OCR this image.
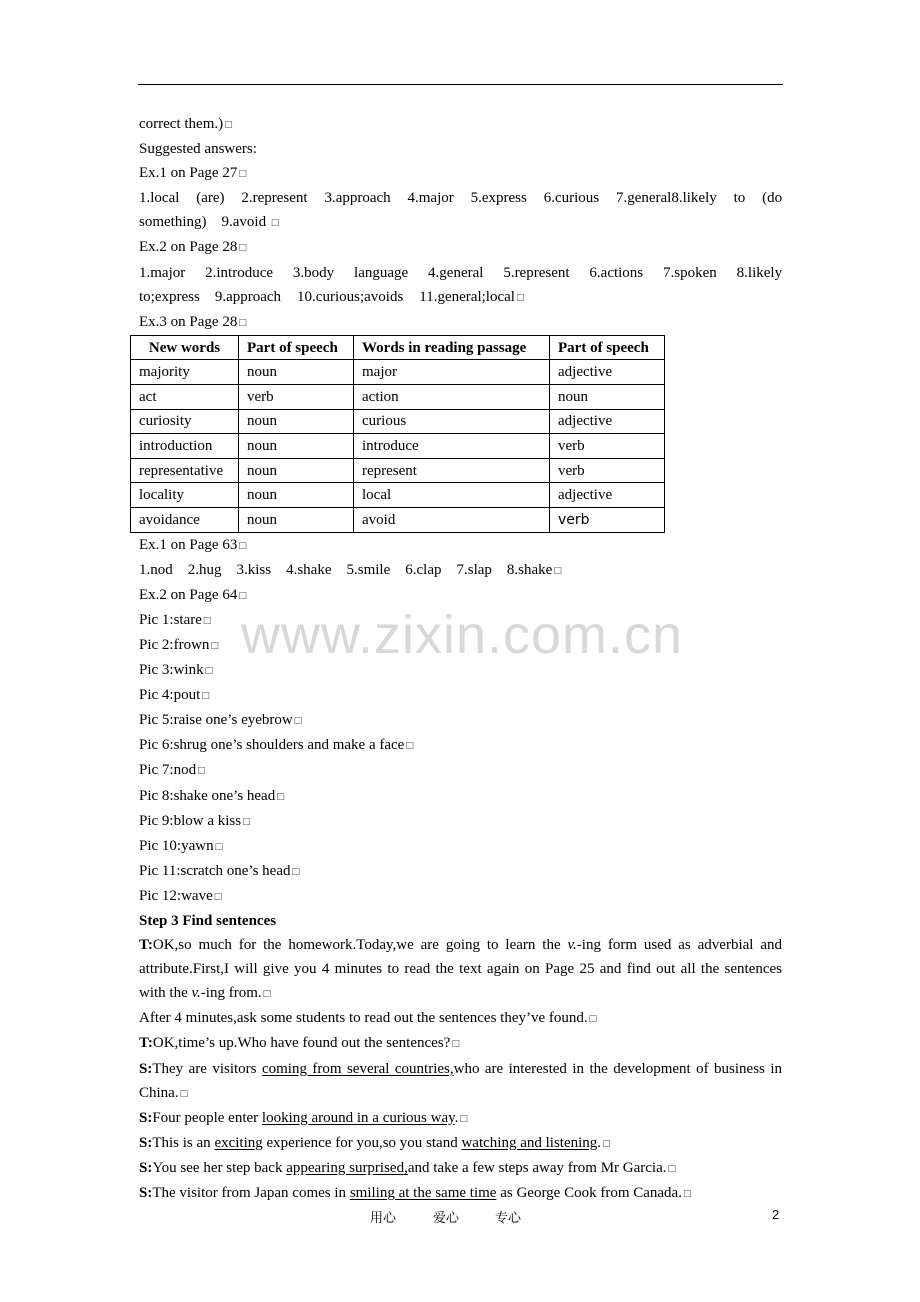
correct them.)□
Suggested answers:
Ex.1 on Page 27□
1.local (are) 2.represent 3.approach 4.major 5.express 6.curious 7.general8.likely to (do
something) 9.avoid □
Ex.2 on Page 28□
1.major 2.introduce 3.body language 4.general 5.represent 6.actions 7.spoken 8.likely
to;express 9.approach 10.curious;avoids 11.general;local□
Ex.3 on Page 28□
New words	Part of speech	Words in reading passage	Part of speech
majority	noun	major	adjective
act	verb	action	noun
curiosity	noun	curious	adjective
introduction	noun	introduce	verb
representative	noun	represent	verb
locality	noun	local	adjective
avoidance	noun	avoid	verb
Ex.1 on Page 63□
1.nod 2.hug 3.kiss 4.shake 5.smile 6.clap 7.slap 8.shake□
Ex.2 on Page 64□
Pic 1:stare□
Pic 2:frown□
Pic 3:wink□
Pic 4:pout□
Pic 5:raise one’s eyebrow□
Pic 6:shrug one’s shoulders and make a face□
Pic 7:nod□
Pic 8:shake one’s head□
Pic 9:blow a kiss□
Pic 10:yawn□
Pic 11:scratch one’s head□
Pic 12:wave□
Step 3 Find sentences
T:OK,so much for the homework.Today,we are going to learn the v.-ing form used as adverbial and attribute.First,I will give you 4 minutes to read the text again on Page 25 and find out all the sentences with the v.-ing from.□
After 4 minutes,ask some students to read out the sentences they’ve found.□
T:OK,time’s up.Who have found out the sentences?□
S:They are visitors coming from several countries,who are interested in the development of business in China.□
S:Four people enter looking around in a curious way.□
S:This is an exciting experience for you,so you stand watching and listening.□
S:You see her step back appearing surprised,and take a few steps away from Mr Garcia.□
S:The visitor from Japan comes in smiling at the same time as George Cook from Canada.□
www.zixin.com.cn
用心	爱心	专心	2
